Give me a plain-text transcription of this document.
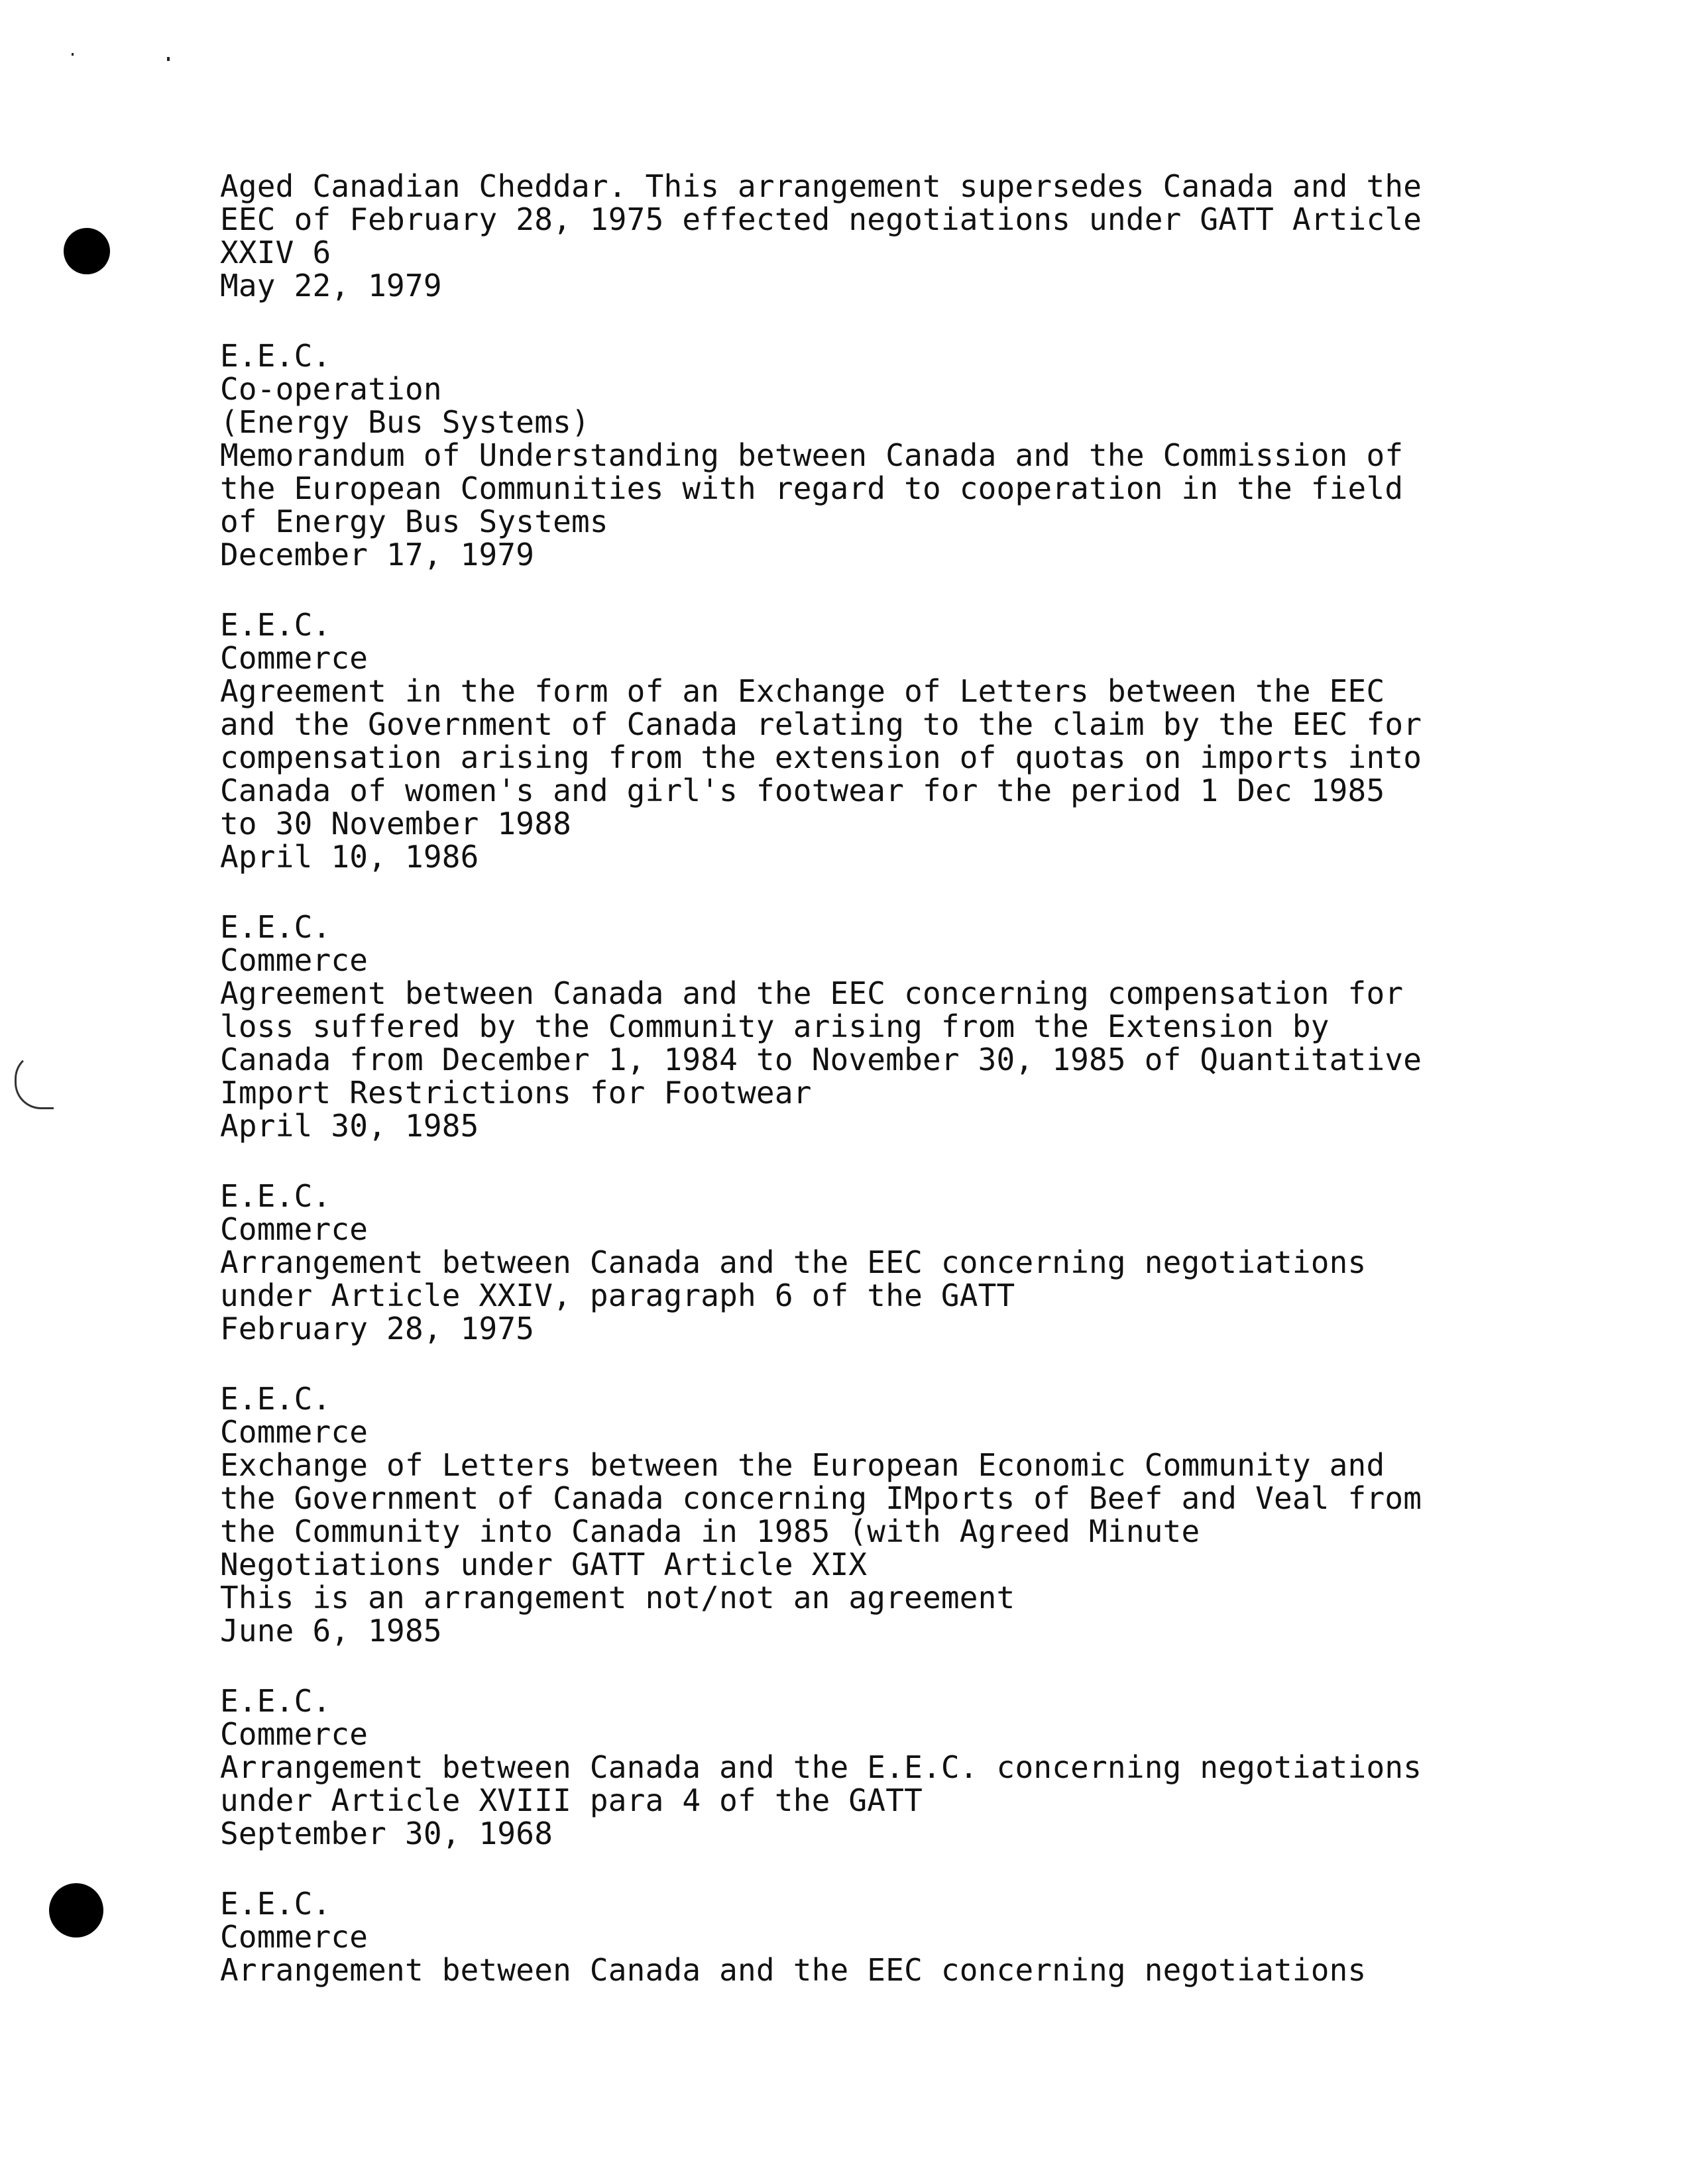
Aged Canadian Cheddar. This arrangement supersedes Canada and the
EEC of February 28, 1975 effected negotiations under GATT Article
XXIV 6
May 22, 1979
E.E.C.
Co-operation
(Energy Bus Systems)
Memorandum of Understanding between Canada and the Commission of
the European Communities with regard to cooperation in the field
of Energy Bus Systems
December 17, 1979
E.E.C.
Commerce
Agreement in the form of an Exchange of Letters between the EEC
and the Government of Canada relating to the claim by the EEC for
compensation arising from the extension of quotas on imports into
Canada of women's and girl's footwear for the period 1 Dec 1985
to 30 November 1988
April 10, 1986
E.E.C.
Commerce
Agreement between Canada and the EEC concerning compensation for
loss suffered by the Community arising from the Extension by
Canada from December 1, 1984 to November 30, 1985 of Quantitative
Import Restrictions for Footwear
April 30, 1985
E.E.C.
Commerce
Arrangement between Canada and the EEC concerning negotiations
under Article XXIV, paragraph 6 of the GATT
February 28, 1975
E.E.C.
Commerce
Exchange of Letters between the European Economic Community and
the Government of Canada concerning IMports of Beef and Veal from
the Community into Canada in 1985 (with Agreed Minute
Negotiations under GATT Article XIX
This is an arrangement not/not an agreement
June 6, 1985
E.E.C.
Commerce
Arrangement between Canada and the E.E.C. concerning negotiations
under Article XVIII para 4 of the GATT
September 30, 1968
E.E.C.
Commerce
Arrangement between Canada and the EEC concerning negotiations
